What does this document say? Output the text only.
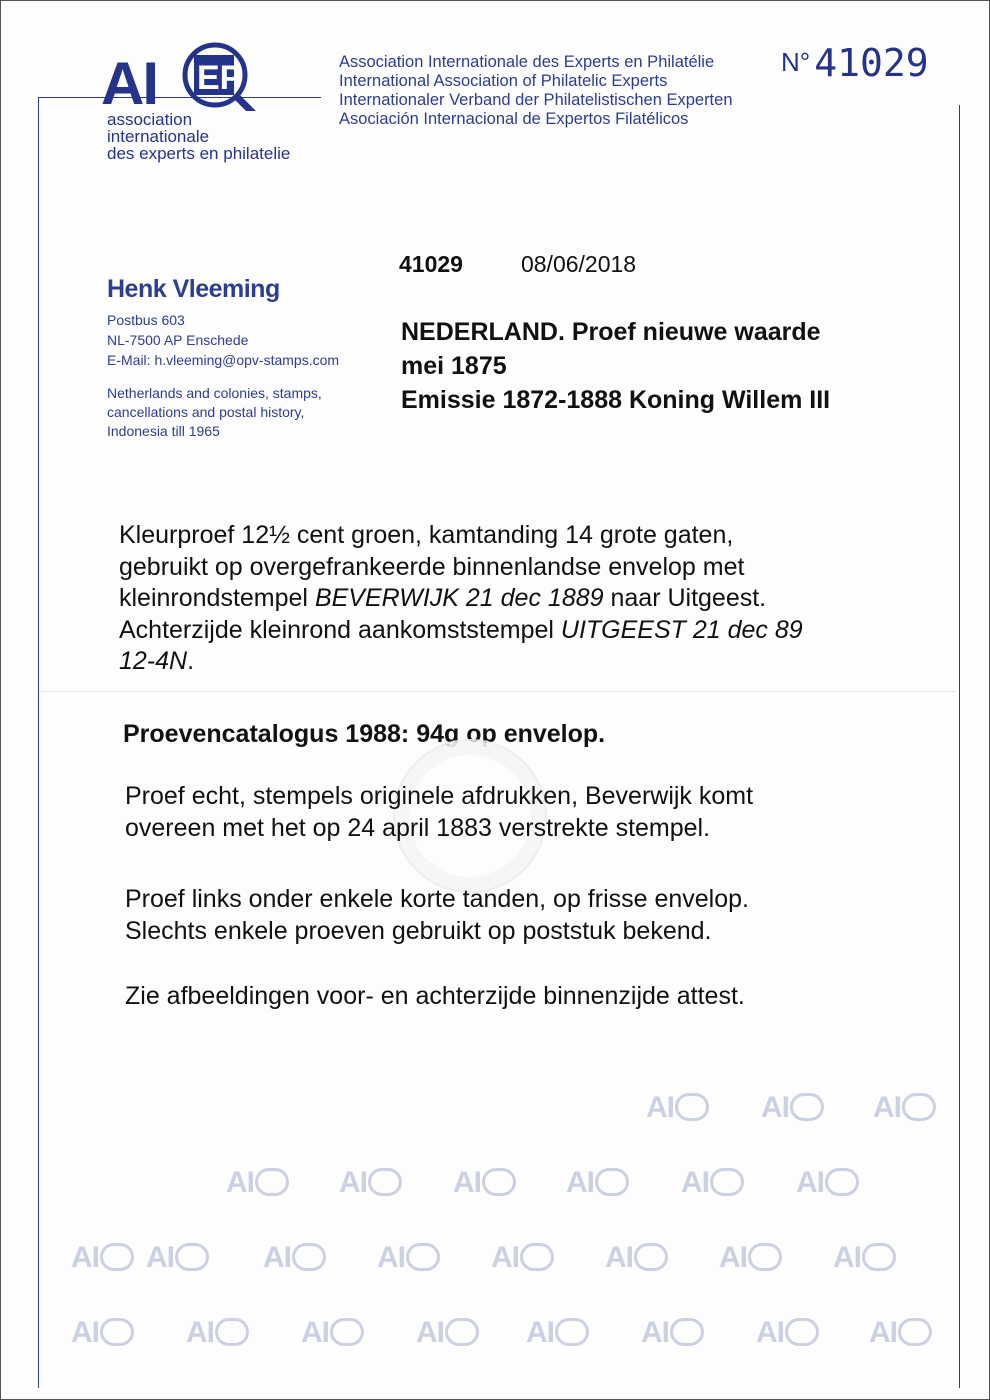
AI EP
association
internationale
des experts en philatelie
Association Internationale des Experts en Philatélie
International Association of Philatelic Experts
Internationaler Verband der Philatelistischen Experten
Asociación Internacional de Expertos Filatélicos
N° 41029
Henk Vleeming
Postbus 603
NL-7500 AP Enschede
E-Mail: h.vleeming@opv-stamps.com
Netherlands and colonies, stamps,
cancellations and postal history,
Indonesia till 1965
41029	08/06/2018
NEDERLAND. Proef nieuwe waarde
mei 1875
Emissie 1872-1888 Koning Willem III
Kleurproef 12½ cent groen, kamtanding 14 grote gaten,
gebruikt op overgefrankeerde binnenlandse envelop met
kleinrondstempel BEVERWIJK 21 dec 1889 naar Uitgeest.
Achterzijde kleinrond aankomststempel UITGEEST 21 dec 89
12-4N.
Proevencatalogus 1988: 94g op envelop.
Proef echt, stempels originele afdrukken, Beverwijk komt
overeen met het op 24 april 1883 verstrekte stempel.
Proef links onder enkele korte tanden, op frisse envelop.
Slechts enkele proeven gebruikt op poststuk bekend.
Zie afbeeldingen voor- en achterzijde binnenzijde attest.
AI	AI	AI
AI	AI	AI	AI	AI	AI
AI	AI	AI	AI	AI	AI	AI	AI
AI	AI	AI	AI	AI	AI	AI	AI
